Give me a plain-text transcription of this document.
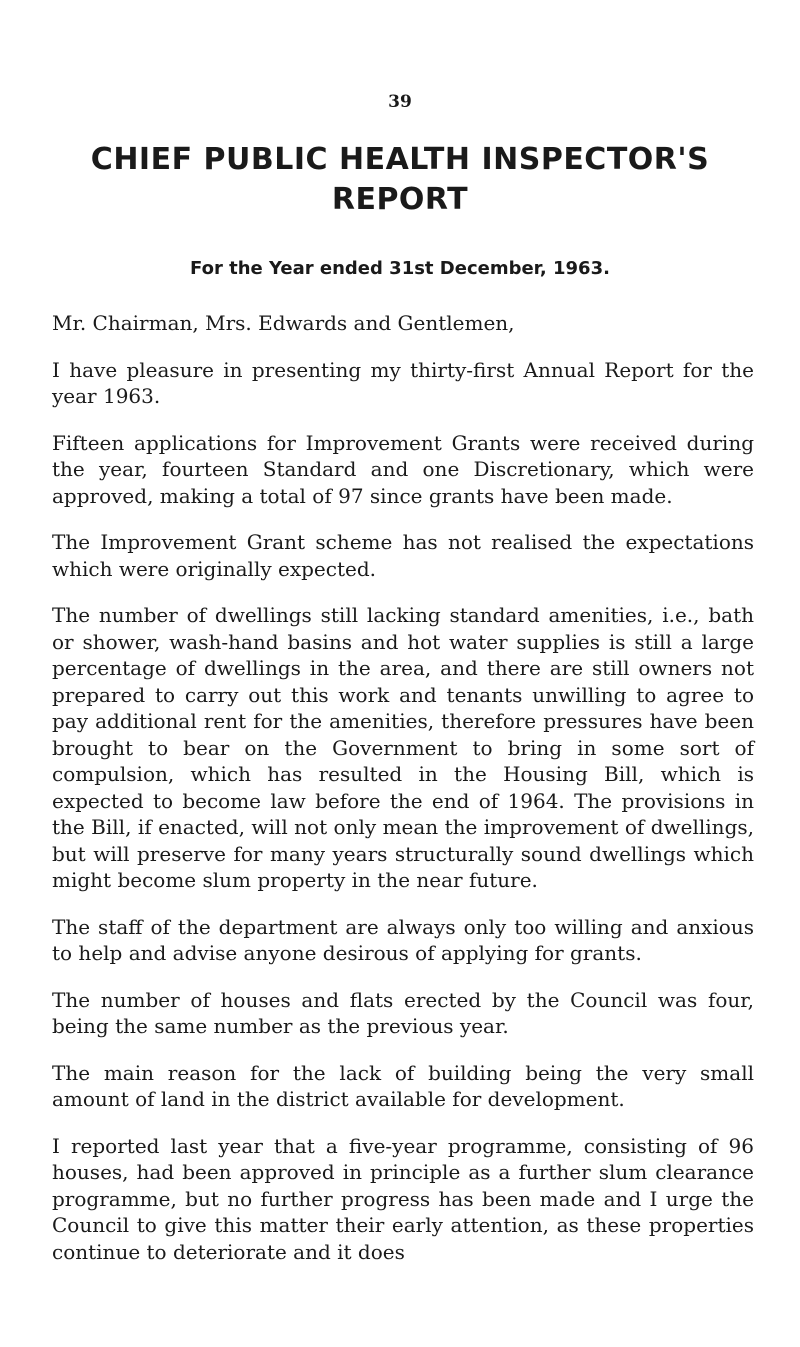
39
CHIEF PUBLIC HEALTH INSPECTOR'S
REPORT
For the Year ended 31st December, 1963.

Mr. Chairman, Mrs. Edwards and Gentlemen,

I have pleasure in presenting my thirty-first Annual Report for the year 1963.

Fifteen applications for Improvement Grants were received during the year, fourteen Standard and one Discretionary, which were approved, making a total of 97 since grants have been made.

The Improvement Grant scheme has not realised the expectations which were originally expected.

The number of dwellings still lacking standard amenities, i.e., bath or shower, wash-hand basins and hot water supplies is still a large percentage of dwellings in the area, and there are still owners not prepared to carry out this work and tenants unwilling to agree to pay additional rent for the amenities, therefore pressures have been brought to bear on the Government to bring in some sort of compulsion, which has resulted in the Housing Bill, which is expected to become law before the end of 1964. The provisions in the Bill, if enacted, will not only mean the improvement of dwellings, but will preserve for many years structurally sound dwellings which might become slum property in the near future.

The staff of the department are always only too willing and anxious to help and advise anyone desirous of applying for grants.

The number of houses and flats erected by the Council was four, being the same number as the previous year.

The main reason for the lack of building being the very small amount of land in the district available for development.

I reported last year that a five-year programme, consisting of 96 houses, had been approved in principle as a further slum clearance programme, but no further progress has been made and I urge the Council to give this matter their early attention, as these properties continue to deteriorate and it does
